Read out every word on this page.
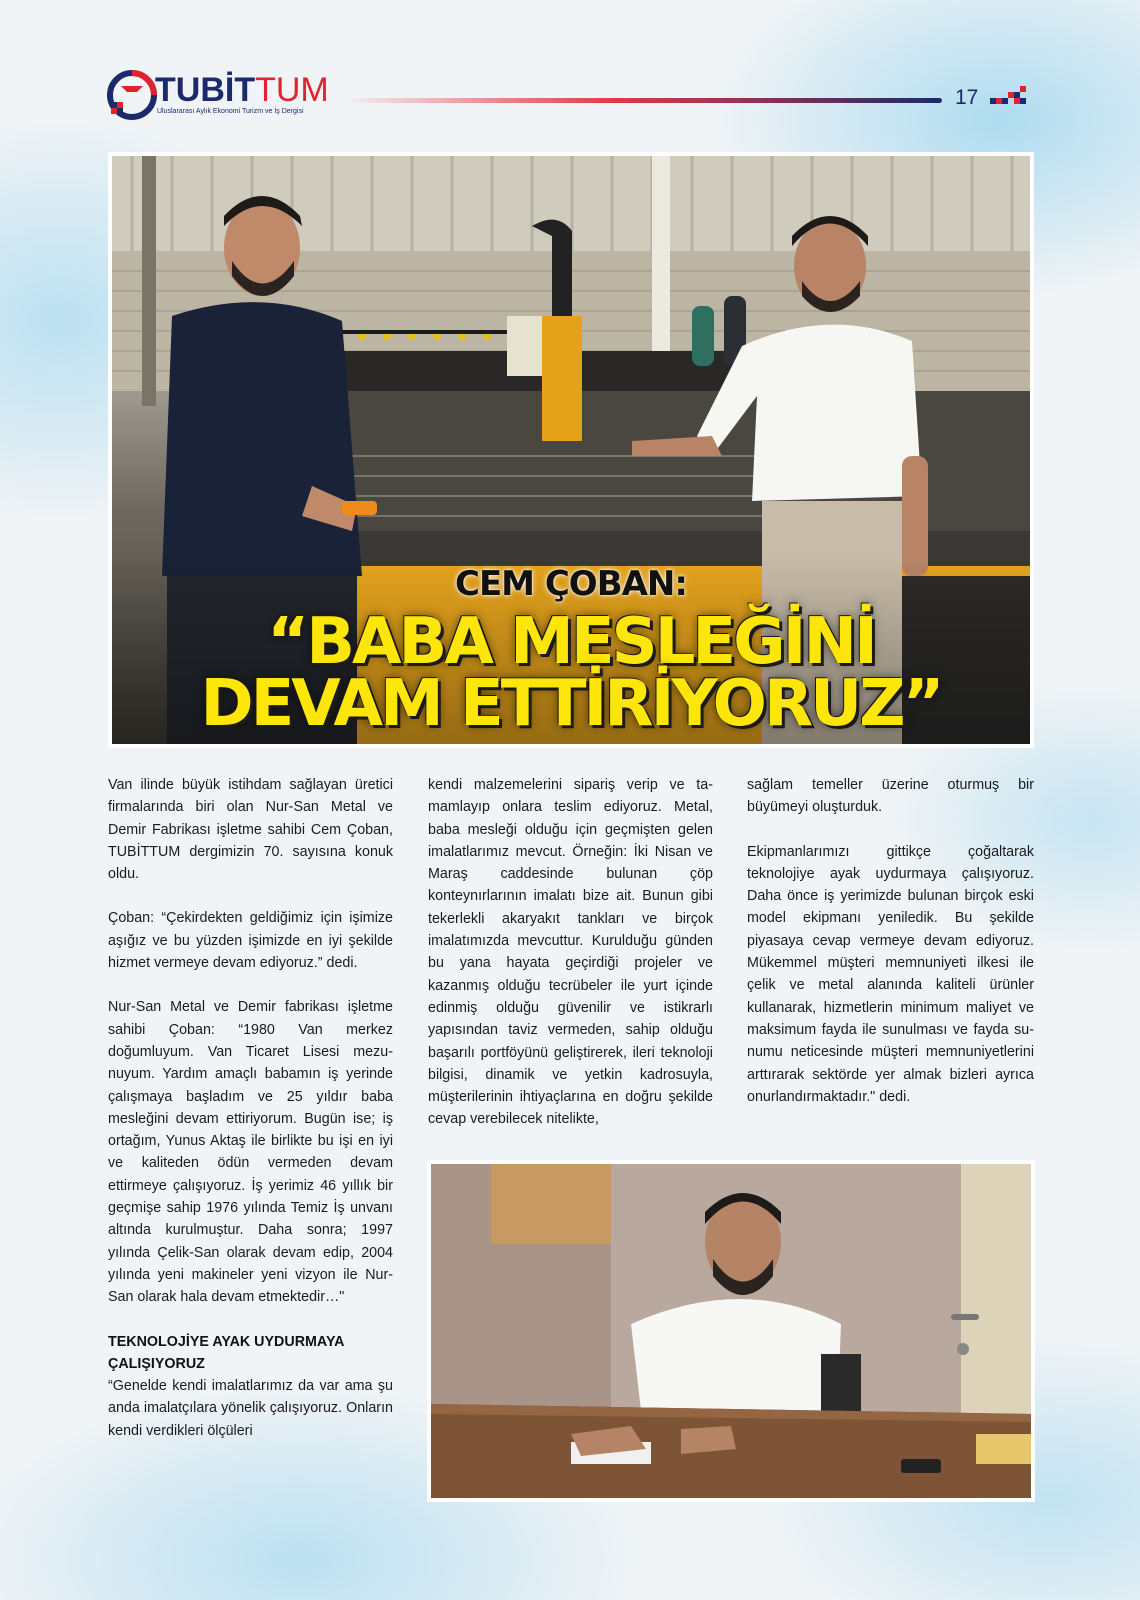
TUBİTTUM
Uluslararası Aylık Ekonomi Turizm ve İş Dergisi
17
CEM ÇOBAN:
“BABA MESLEĞİNİ
DEVAM ETTİRİYORUZ”

Van ilinde büyük istihdam sağlayan üretici firmalarında biri olan Nur-San Metal ve Demir Fabrikası işletme sahibi Cem Çoban, TUBİTTUM dergimizin 70. sayısına konuk oldu.

Çoban: “Çekirdekten geldiğimiz için işimize aşığız ve bu yüzden işimizde en iyi şekilde hizmet vermeye devam ediyoruz.” dedi.

Nur-San Metal ve Demir fabrikası işletme sahibi Çoban: “1980 Van merkez doğumluyum. Van Ticaret Lisesi mezunuyum. Yardım amaçlı babamın iş yerinde çalışmaya başladım ve 25 yıldır baba mesleğini devam ettiriyorum. Bugün ise; iş ortağım, Yunus Aktaş ile birlikte bu işi en iyi ve kaliteden ödün vermeden devam ettirmeye çalışıyoruz. İş yerimiz 46 yıllık bir geçmişe sahip 1976 yılında Temiz İş unvanı altında kurulmuştur. Daha sonra; 1997 yılında Çelik-San olarak devam edip, 2004 yılında yeni makineler yeni vizyon ile Nur-San olarak hala devam etmektedir…"

TEKNOLOJİYE AYAK UYDURMAYA ÇALIŞIYORUZ

“Genelde kendi imalatlarımız da var ama şu anda imalatçılara yönelik çalışıyoruz. Onların kendi verdikleri ölçüleri

kendi malzemelerini sipariş verip ve tamamlayıp onlara teslim ediyoruz. Metal, baba mesleği olduğu için geçmişten gelen imalatlarımız mevcut. Örneğin: İki Nisan ve Maraş caddesinde bulunan çöp konteynırlarının imalatı bize ait. Bunun gibi tekerlekli akaryakıt tankları ve birçok imalatımızda mevcuttur. Kurulduğu günden bu yana hayata geçirdiği projeler ve kazanmış olduğu tecrübeler ile yurt içinde edinmiş olduğu güvenilir ve istikrarlı yapısından taviz vermeden, sahip olduğu başarılı portföyünü geliştirerek, ileri teknoloji bilgisi, dinamik ve yetkin kadrosuyla, müşterilerinin ihtiyaçlarına en doğru şekilde cevap verebilecek nitelikte,

sağlam temeller üzerine oturmuş bir büyümeyi oluşturduk.

Ekipmanlarımızı gittikçe çoğaltarak teknolojiye ayak uydurmaya çalışıyoruz. Daha önce iş yerimizde bulunan birçok eski model ekipmanı yeniledik. Bu şekilde piyasaya cevap vermeye devam ediyoruz. Mükemmel müşteri memnuniyeti ilkesi ile çelik ve metal alanında kaliteli ürünler kullanarak, hizmetlerin minimum maliyet ve maksimum fayda ile sunulması ve fayda sunumu neticesinde müşteri memnuniyetlerini arttırarak sektörde yer almak bizleri ayrıca onurlandırmaktadır." dedi.
